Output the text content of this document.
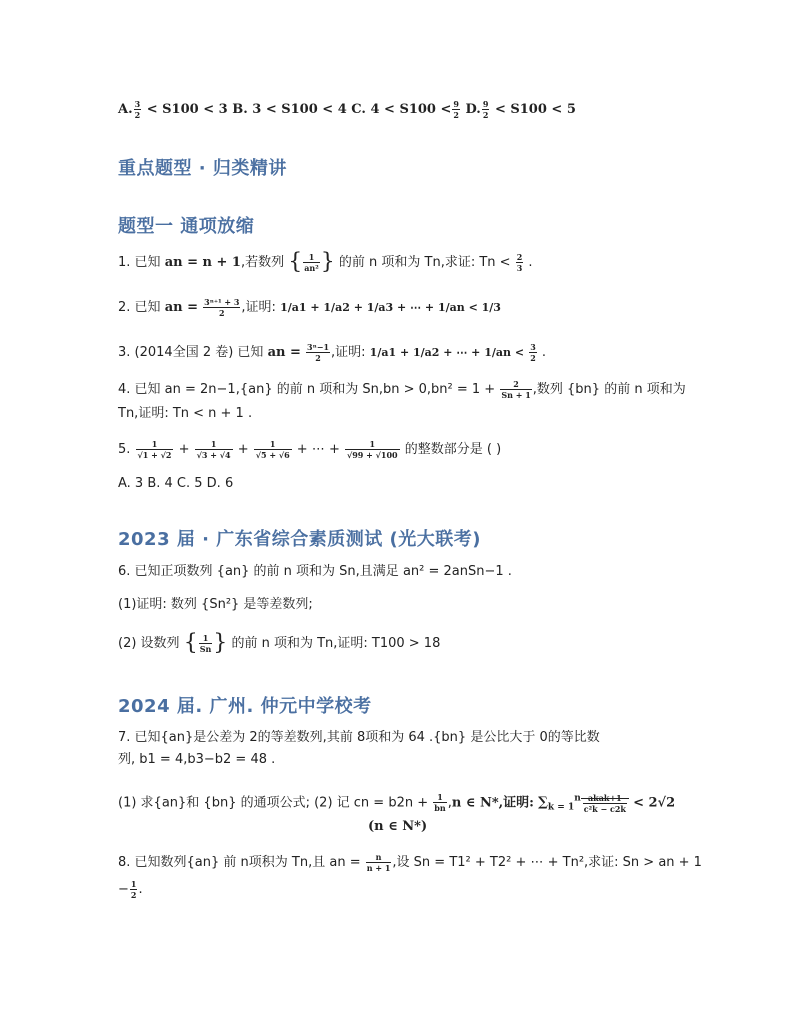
A. $\frac{3}{2} < S100 < 3$ B. 3 < S100 < 4 C. $4 < S100 < \frac{9}{2} D$. $\frac{9}{2} < S100 < 5$
重点题型 · 归类精讲
题型一 通项放缩
1. 已知 an = n + 1,若数列 { $\frac{1}{\text{an²}}$ } 的前 n 项和为 Tn,求证: $Tn < \frac{2}{3}$ .
2. 已知 an = $\frac{\text{3ⁿ⁺¹ + 3}}{2}$ ,证明: 1/a1 + 1/a2 + 1/a3 + ⋯ + 1/an < 1/3
3. (2014全国 2 卷) 已知 an = $\frac{\text{3ⁿ−1}}{2}$ ,证明: 1/a1 + 1/a2 + ⋯ + $1/an < \frac{3}{2}$ .
4. 已知 an = 2n−1,{an} 的前 n 项和为 $Sn,bn > 0,bn^2 = 1 + \frac{2}{Sn + 1}$ ,数列 {bn} 的前 n 项和为
Tn,证明: Tn < n + 1 .
5. $\frac{1}{√1 + √2} + \frac{1}{√3 + √4} + \frac{1}{√5 + √6}$ + ⋯ + $\frac{1}{√99 + √100}$ 的整数部分是 ( )
A. 3 B. 4 C. 5 D. 6
2023 届 · 广东省综合素质测试 (光大联考)
6. 已知正项数列 {an} 的前 n 项和为 Sn,且满足 an² = 2anSn−1 .
(1)证明: 数列 {Sn²} 是等差数列;
(2) 设数列 { $\frac{1}{Sn}$ } 的前 n 项和为 Tn,证明: T100 > 18
2024 届. 广州. 仲元中学校考
7. 已知{an}是公差为 2的等差数列,其前 8项和为 64 .{bn} 是公比大于 0的等比数
列, b1 = 4,b3−b2 = 48 .
(1) 求{an}和 {bn} 的通项公式; (2) 记 cn = $b2n + \frac{1}{bn} ,n$ ∈ N*,证明: $\sum_{k = 1}^n$ akak+1
c²k − c2k < 2√2
(n ∈ N*)
8. 已知数列{an} 前 n项积为 Tn,且 an = $\frac{n}{n + 1}$ ,设 Sn = T1² + T2² + ⋯ + Tn²,求证: Sn > an + 1
− $\frac{1}{2}$ .
